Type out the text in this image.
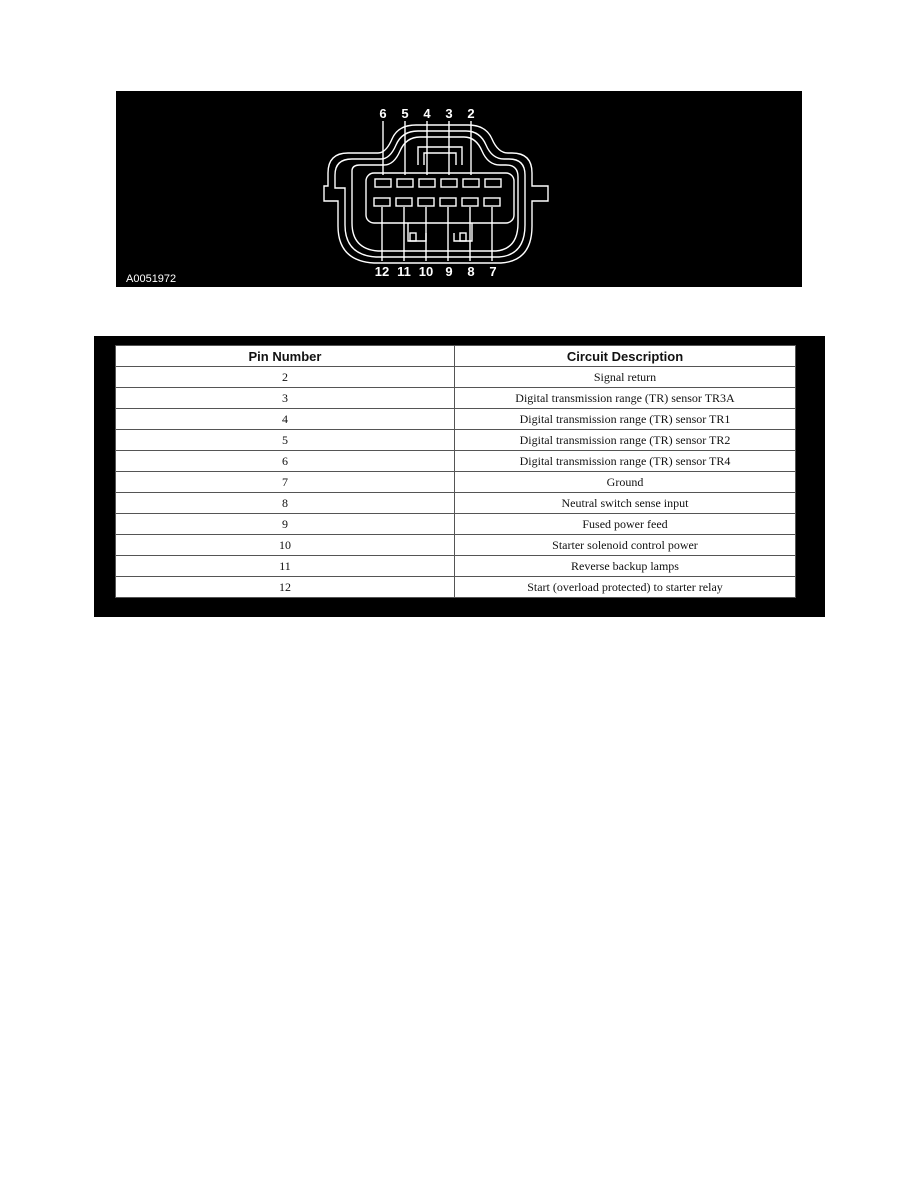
6 5 4 3 2
12 11 10 9 8 7
A0051972
Pin Number	Circuit Description
2	Signal return
3	Digital transmission range (TR) sensor TR3A
4	Digital transmission range (TR) sensor TR1
5	Digital transmission range (TR) sensor TR2
6	Digital transmission range (TR) sensor TR4
7	Ground
8	Neutral switch sense input
9	Fused power feed
10	Starter solenoid control power
11	Reverse backup lamps
12	Start (overload protected) to starter relay
